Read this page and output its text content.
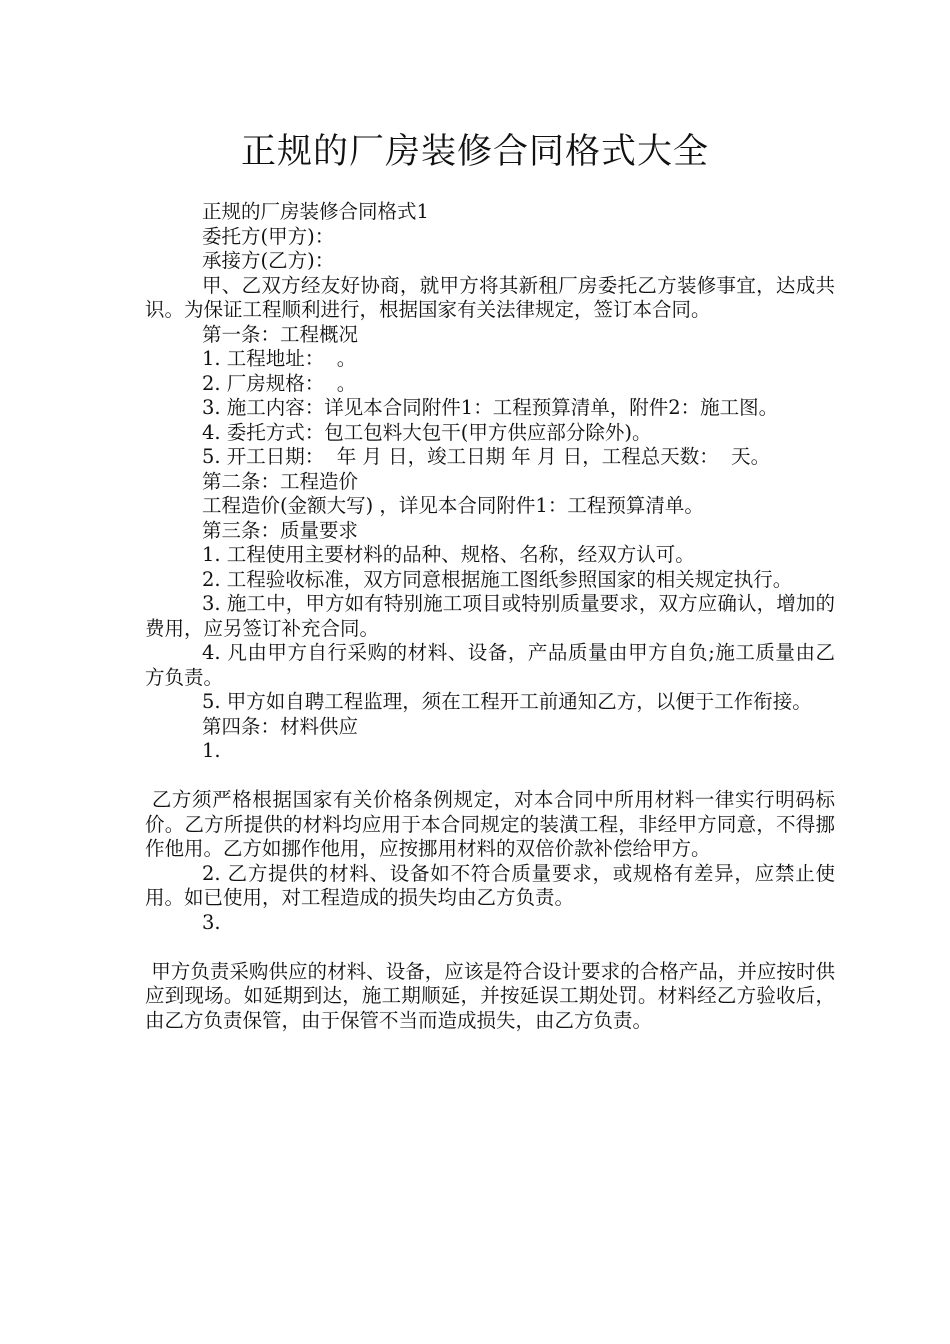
正规的厂房装修合同格式大全

正规的厂房装修合同格式1

委托方(甲方)：

承接方(乙方)：

甲、乙双方经友好协商，就甲方将其新租厂房委托乙方装修事宜，达成共识。为保证工程顺利进行，根据国家有关法律规定，签订本合同。

第一条：工程概况

1. 工程地址：  。

2. 厂房规格：  。

3. 施工内容：详见本合同附件1：工程预算清单，附件2：施工图。

4. 委托方式：包工包料大包干(甲方供应部分除外)。

5. 开工日期：  年 月 日，竣工日期 年 月 日，工程总天数：  天。

第二条：工程造价

工程造价(金额大写) ，详见本合同附件1：工程预算清单。

第三条：质量要求

1. 工程使用主要材料的品种、规格、名称，经双方认可。

2. 工程验收标准，双方同意根据施工图纸参照国家的相关规定执行。

3. 施工中，甲方如有特别施工项目或特别质量要求，双方应确认，增加的费用，应另签订补充合同。

4. 凡由甲方自行采购的材料、设备，产品质量由甲方自负;施工质量由乙方负责。

5. 甲方如自聘工程监理，须在工程开工前通知乙方，以便于工作衔接。

第四条：材料供应

1.

乙方须严格根据国家有关价格条例规定，对本合同中所用材料一律实行明码标价。乙方所提供的材料均应用于本合同规定的装潢工程，非经甲方同意，不得挪作他用。乙方如挪作他用，应按挪用材料的双倍价款补偿给甲方。

2. 乙方提供的材料、设备如不符合质量要求，或规格有差异，应禁止使用。如已使用，对工程造成的损失均由乙方负责。

3.

甲方负责采购供应的材料、设备，应该是符合设计要求的合格产品，并应按时供应到现场。如延期到达，施工期顺延，并按延误工期处罚。材料经乙方验收后，由乙方负责保管，由于保管不当而造成损失，由乙方负责。
